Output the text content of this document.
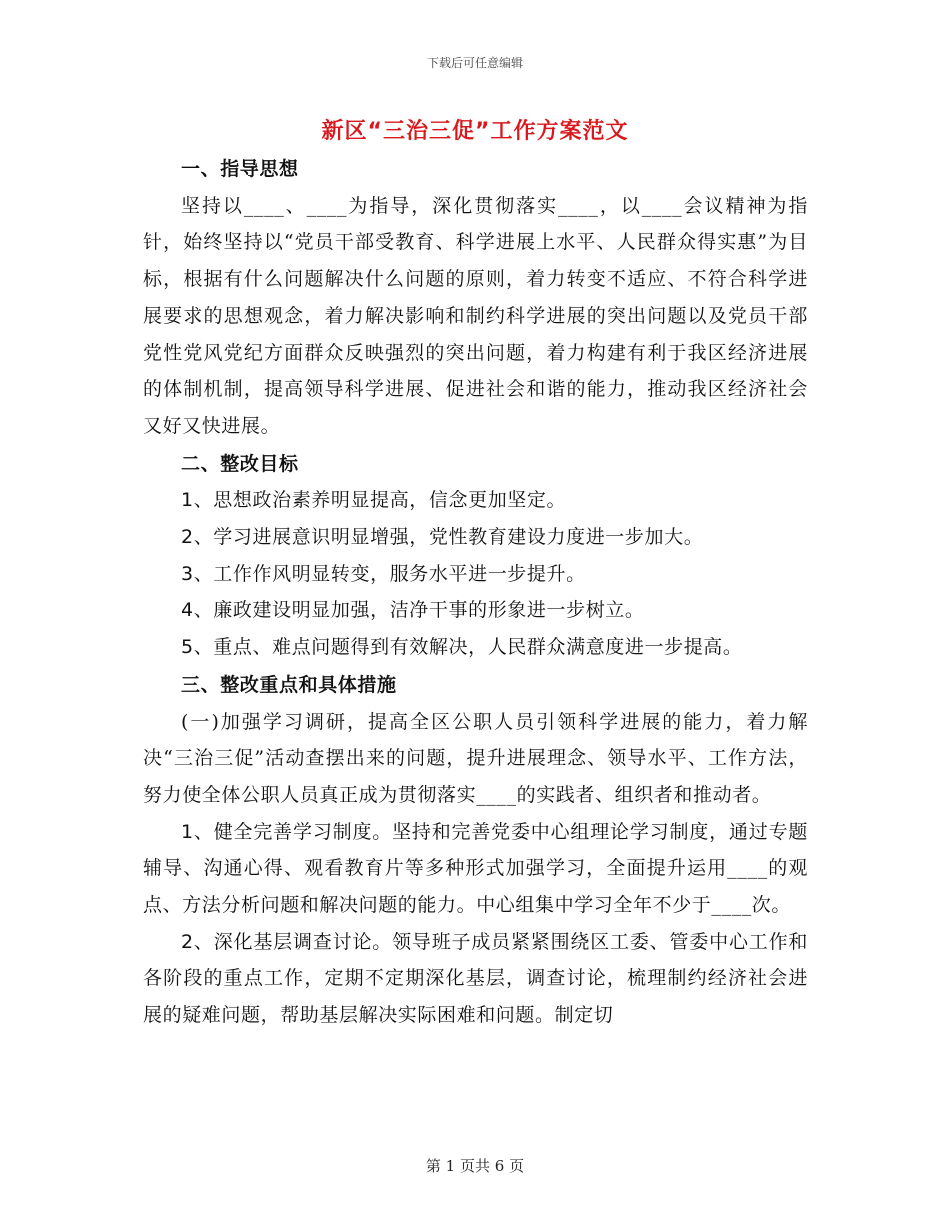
下载后可任意编辑
新区“三治三促”工作方案范文

一、指导思想

坚持以____、____为指导，深化贯彻落实____，以____会议精神为指针，始终坚持以“党员干部受教育、科学进展上水平、人民群众得实惠”为目标，根据有什么问题解决什么问题的原则，着力转变不适应、不符合科学进展要求的思想观念，着力解决影响和制约科学进展的突出问题以及党员干部党性党风党纪方面群众反映强烈的突出问题，着力构建有利于我区经济进展的体制机制，提高领导科学进展、促进社会和谐的能力，推动我区经济社会又好又快进展。

二、整改目标

1、思想政治素养明显提高，信念更加坚定。

2、学习进展意识明显增强，党性教育建设力度进一步加大。

3、工作作风明显转变，服务水平进一步提升。

4、廉政建设明显加强，洁净干事的形象进一步树立。

5、重点、难点问题得到有效解决，人民群众满意度进一步提高。

三、整改重点和具体措施

(一)加强学习调研，提高全区公职人员引领科学进展的能力，着力解决“三治三促”活动查摆出来的问题，提升进展理念、领导水平、工作方法，努力使全体公职人员真正成为贯彻落实____的实践者、组织者和推动者。

1、健全完善学习制度。坚持和完善党委中心组理论学习制度，通过专题辅导、沟通心得、观看教育片等多种形式加强学习，全面提升运用____的观点、方法分析问题和解决问题的能力。中心组集中学习全年不少于____次。

2、深化基层调查讨论。领导班子成员紧紧围绕区工委、管委中心工作和各阶段的重点工作，定期不定期深化基层，调查讨论，梳理制约经济社会进展的疑难问题，帮助基层解决实际困难和问题。制定切

第 1 页共 6 页
